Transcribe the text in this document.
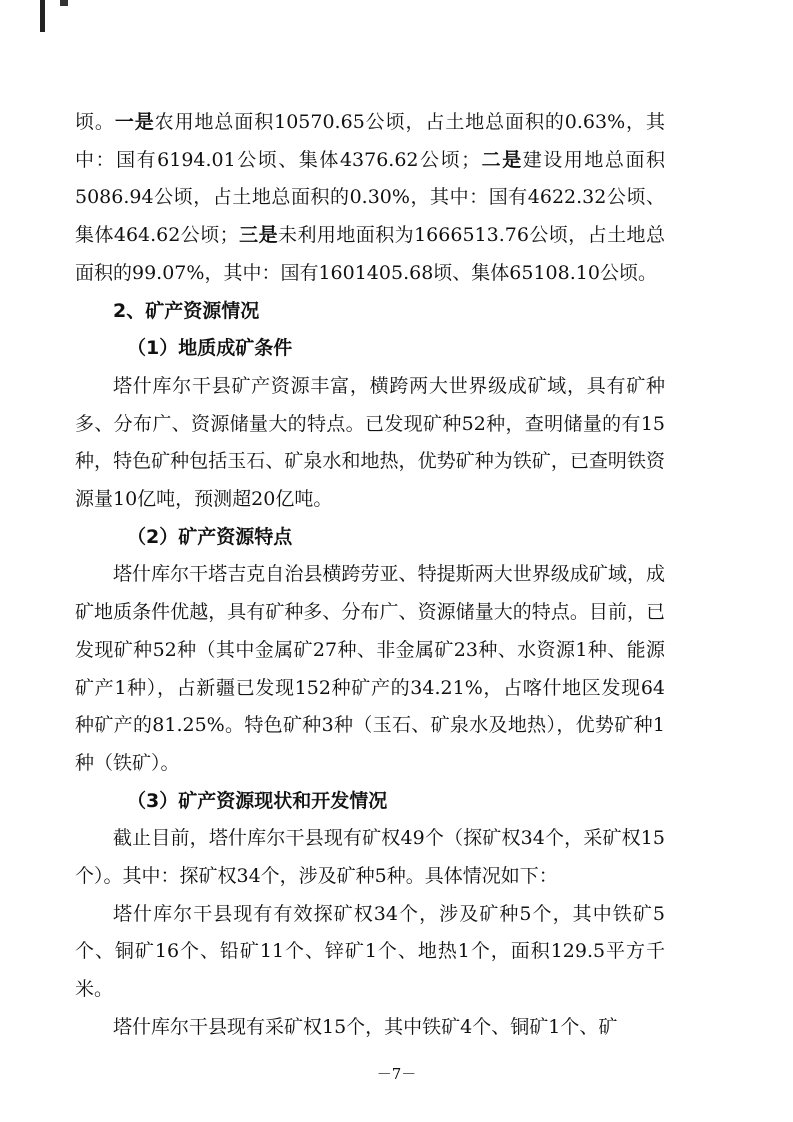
顷。一是农用地总面积10570.65公顷，占土地总面积的0.63%，其中：国有6194.01公顷、集体4376.62公顷；二是建设用地总面积5086.94公顷，占土地总面积的0.30%，其中：国有4622.32公顷、集体464.62公顷；三是未利用地面积为1666513.76公顷，占土地总面积的99.07%，其中：国有1601405.68顷、集体65108.10公顷。

2、矿产资源情况

（1）地质成矿条件

塔什库尔干县矿产资源丰富，横跨两大世界级成矿域，具有矿种多、分布广、资源储量大的特点。已发现矿种52种，查明储量的有15种，特色矿种包括玉石、矿泉水和地热，优势矿种为铁矿，已查明铁资源量10亿吨，预测超20亿吨。

（2）矿产资源特点

塔什库尔干塔吉克自治县横跨劳亚、特提斯两大世界级成矿域，成矿地质条件优越，具有矿种多、分布广、资源储量大的特点。目前，已发现矿种52种（其中金属矿27种、非金属矿23种、水资源1种、能源矿产1种），占新疆已发现152种矿产的34.21%，占喀什地区发现64种矿产的81.25%。特色矿种3种（玉石、矿泉水及地热），优势矿种1种（铁矿）。

（3）矿产资源现状和开发情况

截止目前，塔什库尔干县现有矿权49个（探矿权34个，采矿权15个）。其中：探矿权34个，涉及矿种5种。具体情况如下：

塔什库尔干县现有有效探矿权34个，涉及矿种5个，其中铁矿5个、铜矿16个、铅矿11个、锌矿1个、地热1个，面积129.5平方千米。

塔什库尔干县现有采矿权15个，其中铁矿4个、铜矿1个、矿

－7－
